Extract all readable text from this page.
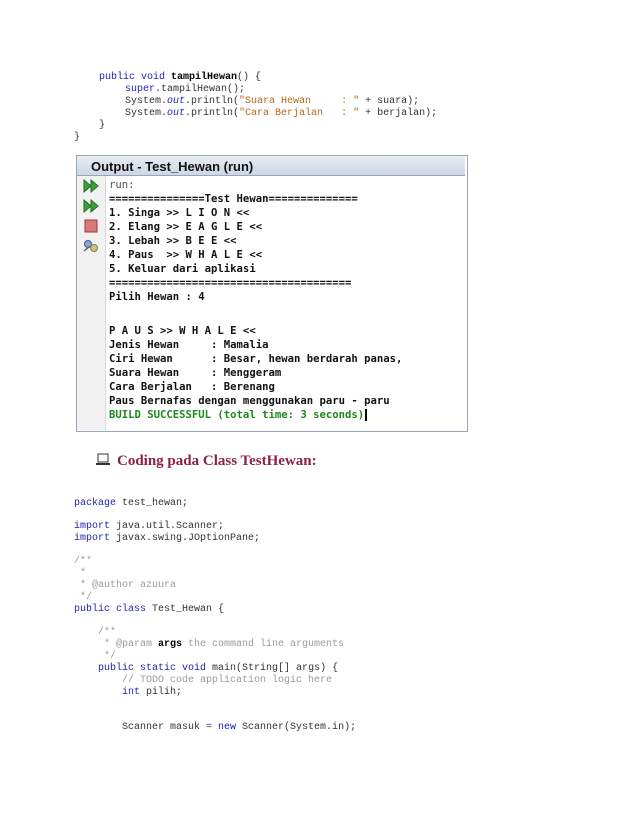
public void tampilHewan() {

super.tampilHewan();

System.out.println("Suara Hewan     : " + suara);

System.out.println("Cara Berjalan   : " + berjalan);

}

}

Output - Test_Hewan (run)
run:
===============Test Hewan==============
1. Singa >> L I O N <<
2. Elang >> E A G L E <<
3. Lebah >> B E E <<
4. Paus  >> W H A L E <<
5. Keluar dari aplikasi
======================================
Pilih Hewan : 4
P A U S >> W H A L E <<
Jenis Hewan     : Mamalia
Ciri Hewan      : Besar, hewan berdarah panas,
Suara Hewan     : Menggeram
Cara Berjalan   : Berenang
Paus Bernafas dengan menggunakan paru - paru
BUILD SUCCESSFUL (total time: 3 seconds)
Coding pada Class TestHewan:

package test_hewan;

import java.util.Scanner;

import javax.swing.JOptionPane;

/**

*

* @author azuura

*/

public class Test_Hewan {

/**

* @param args the command line arguments

*/

public static void main(String[] args) {

// TODO code application logic here

int pilih;

Scanner masuk = new Scanner(System.in);
